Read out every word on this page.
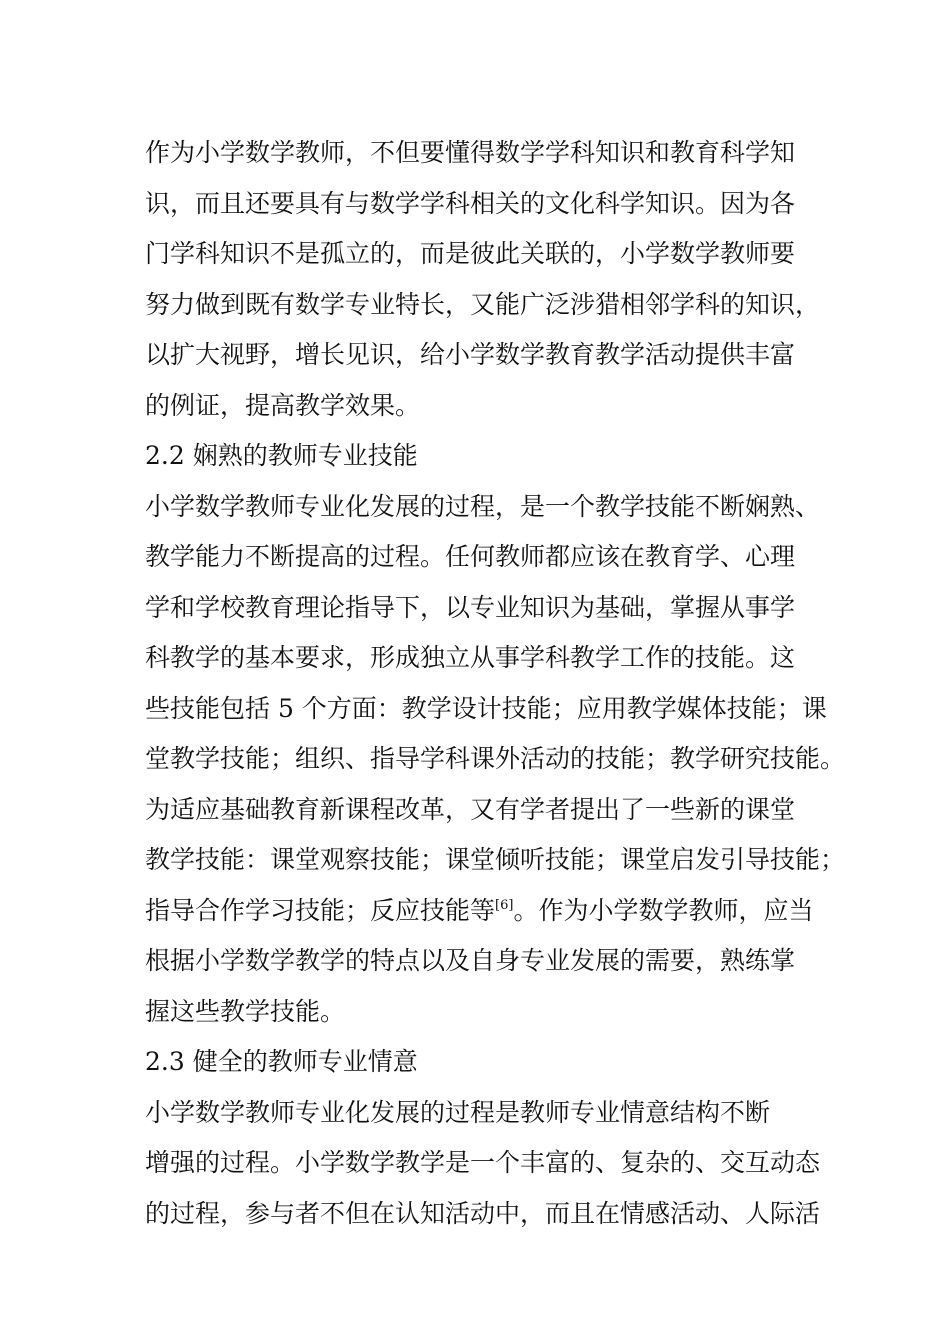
作为小学数学教师，不但要懂得数学学科知识和教育科学知
识，而且还要具有与数学学科相关的文化科学知识。因为各
门学科知识不是孤立的，而是彼此关联的，小学数学教师要
努力做到既有数学专业特长，又能广泛涉猎相邻学科的知识，
以扩大视野，增长见识，给小学数学教育教学活动提供丰富
的例证，提高教学效果。
2.2 娴熟的教师专业技能
小学数学教师专业化发展的过程，是一个教学技能不断娴熟、
教学能力不断提高的过程。任何教师都应该在教育学、心理
学和学校教育理论指导下，以专业知识为基础，掌握从事学
科教学的基本要求，形成独立从事学科教学工作的技能。这
些技能包括 5 个方面：教学设计技能；应用教学媒体技能；课
堂教学技能；组织、指导学科课外活动的技能；教学研究技能。
为适应基础教育新课程改革，又有学者提出了一些新的课堂
教学技能：课堂观察技能；课堂倾听技能；课堂启发引导技能；
指导合作学习技能；反应技能等[6]。作为小学数学教师，应当
根据小学数学教学的特点以及自身专业发展的需要，熟练掌
握这些教学技能。
2.3 健全的教师专业情意
小学数学教师专业化发展的过程是教师专业情意结构不断
增强的过程。小学数学教学是一个丰富的、复杂的、交互动态
的过程，参与者不但在认知活动中，而且在情感活动、人际活
